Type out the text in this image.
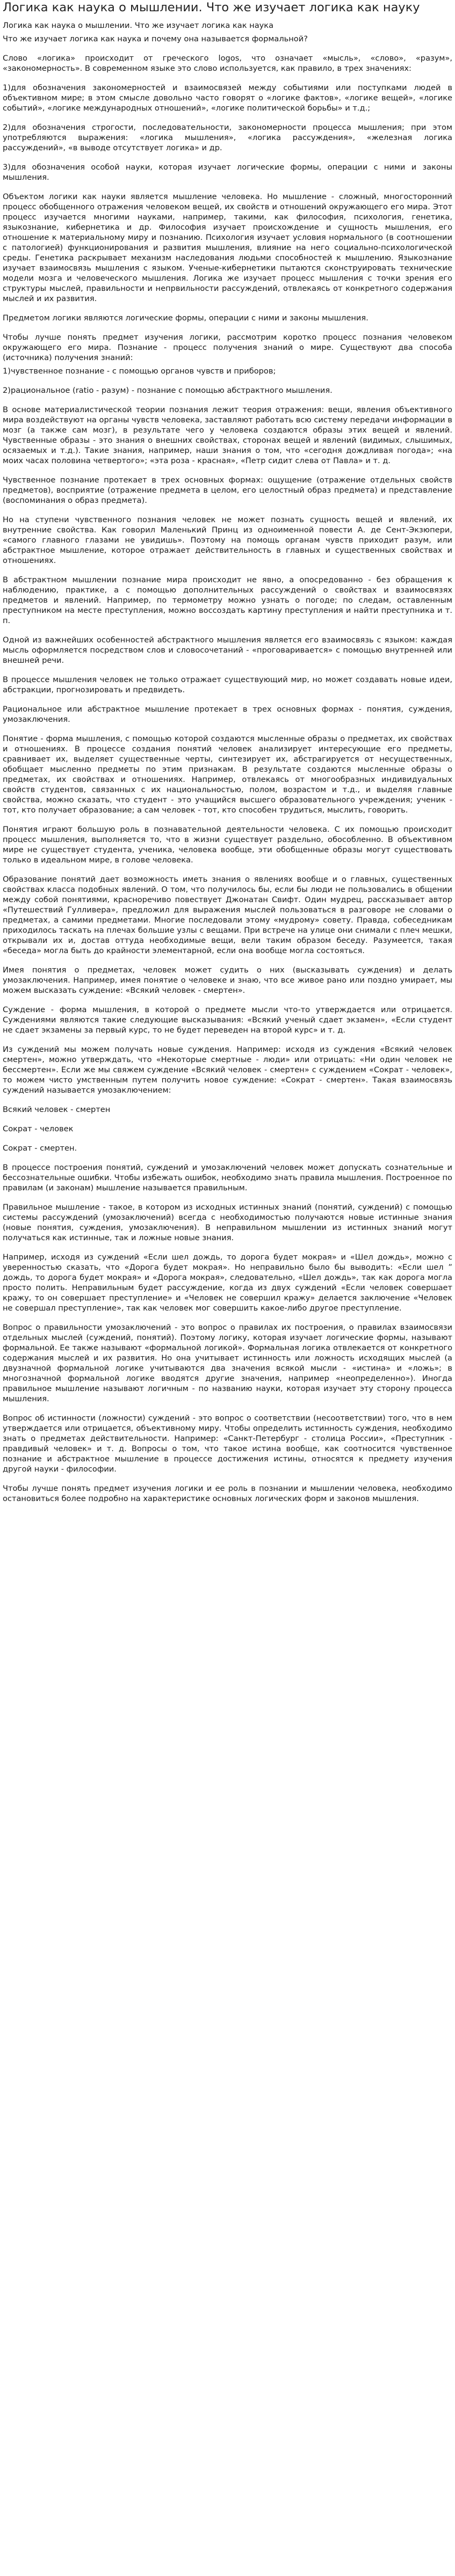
Логика как наука о мышлении. Что же изучает логика как науку

Логика как наука о мышлении. Что же изучает логика как наука

Что же изучает логика как наука и почему она называется формальной?

Слово «логика» происходит от греческого logos, что означает «мысль», «слово», «разум», «закономерность». В современном языке это слово используется, как правило, в трех значениях:

1)для обозначения закономерностей и взаимосвязей между событиями или поступками людей в объективном мире; в этом смысле довольно часто говорят о «логике фактов», «логике вещей», «логике событий», «логике международных отношений», «логике политической борьбы» и т.д.;

2)для обозначения строгости, последовательности, закономерности процесса мышления; при этом употребляются выражения: «логика мышления», «логика рассуждения», «железная логика рассуждений», «в выводе отсутствует логика» и др.

3)для обозначения особой науки, которая изучает логические формы, операции с ними и законы мышления.

Объектом логики как науки является мышление человека. Но мышление - сложный, многосторонний процесс обобщенного отражения человеком вещей, их свойств и отношений окружающего его мира. Этот процесс изучается многими науками, например, такими, как философия, психология, генетика, языкознание, кибернетика и др. Философия изучает происхождение и сущность мышления, его отношение к материальному миру и познанию. Психология изучает условия нормального (в соотношении с патологией) функционирования и развития мышления, влияние на него социально-психологической среды. Генетика раскрывает механизм наследования людьми способностей к мышлению. Языкознание изучает взаимосвязь мышления с языком. Ученые-кибернетики пытаются сконструировать технические модели мозга и человеческого мышления. Логика же изучает процесс мышления с точки зрения его структуры мыслей, правильности и непрвильности рассуждений, отвлекаясь от конкретного содержания мыслей и их развития.

Предметом логики являются логические формы, операции с ними и законы мышления.

Чтобы лучше понять предмет изучения логики, рассмотрим коротко процесс познания человеком окружающего его мира. Познание - процесс получения знаний о мире. Существуют два способа (источника) получения знаний:

1)чувственное познание - с помощью органов чувств и приборов;

2)рациональное (ratio - разум) - познание с помощью абстрактного мышления.

В основе материалистической теории познания лежит теория отражения: вещи, явления объективного мира воздействуют на органы чувств человека, заставляют работать всю систему передачи информации в мозг (а также сам мозг), в результате чего у человека создаются образы этих вещей и явлений. Чувственные образы - это знания о внешних свойствах, сторонах вещей и явлений (видимых, слышимых, осязаемых и т.д.). Такие знания, например, наши знания о том, что «сегодня дождливая погода»; «на моих часах половина четвертого»; «эта роза - красная», «Петр сидит слева от Павла» и т. д.

Чувственное познание протекает в трех основных формах: ощущение (отражение отдельных свойств предметов), восприятие (отражение предмета в целом, его целостный образ предмета) и представление (воспоминания о образ предмета).

Но на ступени чувственного познания человек не может познать сущность вещей и явлений, их внутренние свойства. Как говорил Маленький Принц из одноименной повести А. де Сент-Экзюпери, «самого главного глазами не увидишь». Поэтому на помощь органам чувств приходит разум, или абстрактное мышление, которое отражает действительность в главных и существенных свойствах и отношениях.

В абстрактном мышлении познание мира происходит не явно, а опосредованно - без обращения к наблюдению, практике, а с помощью дополнительных рассуждений о свойствах и взаимосвязях предметов и явлений. Например, по термометру можно узнать о погоде; по следам, оставленным преступником на месте преступления, можно воссоздать картину преступления и найти преступника и т. п.

Одной из важнейших особенностей абстрактного мышления является его взаимосвязь с языком: каждая мысль оформляется посредством слов и словосочетаний - «проговаривается» с помощью внутренней или внешней речи.

В процессе мышления человек не только отражает существующий мир, но может создавать новые идеи, абстракции, прогнозировать и предвидеть.

Рациональное или абстрактное мышление протекает в трех основных формах - понятия, суждения, умозаключения.

Понятие - форма мышления, с помощью которой создаются мысленные образы о предметах, их свойствах и отношениях. В процессе создания понятий человек анализирует интересующие его предметы, сравнивает их, выделяет существенные черты, синтезирует их, абстрагируется от несущественных, обобщает мысленно предметы по этим признакам. В результате создаются мысленные образы о предметах, их свойствах и отношениях. Например, отвлекаясь от многообразных индивидуальных свойств студентов, связанных с их национальностью, полом, возрастом и т.д., и выделяя главные свойства, можно сказать, что студент - это учащийся высшего образовательного учреждения; ученик - тот, кто получает образование; а сам человек - тот, кто способен трудиться, мыслить, говорить.

Понятия играют большую роль в познавательной деятельности человека. С их помощью происходит процесс мышления, выполняется то, что в жизни существует раздельно, обособленно. В объективном мире не существует студента, ученика, человека вообще, эти обобщенные образы могут существовать только в идеальном мире, в голове человека.

Образование понятий дает возможность иметь знания о явлениях вообще и о главных, существенных свойствах класса подобных явлений. О том, что получилось бы, если бы люди не пользовались в общении между собой понятиями, красноречиво повествует Джонатан Свифт. Один мудрец, рассказывает автор «Путешествий Гулливера», предложил для выражения мыслей пользоваться в разговоре не словами о предметах, а самими предметами. Многие последовали этому «мудрому» совету. Правда, собеседникам приходилось таскать на плечах большие узлы с вещами. При встрече на улице они снимали с плеч мешки, открывали их и, достав оттуда необходимые вещи, вели таким образом беседу. Разумеется, такая «беседа» могла быть до крайности элементарной, если она вообще могла состояться.

Имея понятия о предметах, человек может судить о них (высказывать суждения) и делать умозаключения. Например, имея понятие о человеке и знаю, что все живое рано или поздно умирает, мы можем высказать суждение: «Всякий человек - смертен».

Суждение - форма мышления, в которой о предмете мысли что-то утверждается или отрицается. Суждениями являются такие следующие высказывания: «Всякий ученый сдает экзамен», «Если студент не сдает экзамены за первый курс, то не будет переведен на второй курс» и т. д.

Из суждений мы можем получать новые суждения. Например: исходя из суждения «Всякий человек смертен», можно утверждать, что «Некоторые смертные - люди» или отрицать: «Ни один человек не бессмертен». Если же мы свяжем суждение «Всякий человек - смертен» с суждением «Сократ - человек», то можем чисто умственным путем получить новое суждение: «Сократ - смертен». Такая взаимосвязь суждений называется умозаключением:

Всякий человек - смертен

Сократ - человек

Сократ - смертен.

В процессе построения понятий, суждений и умозаключений человек может допускать сознательные и бессознательные ошибки. Чтобы избежать ошибок, необходимо знать правила мышления. Построенное по правилам (и законам) мышление называется правильным.

Правильное мышление - такое, в котором из исходных истинных знаний (понятий, суждений) с помощью системы рассуждений (умозаключений) всегда с необходимостью получаются новые истинные знания (новые понятия, суждения, умозаключения). В неправильном мышлении из истинных знаний могут получаться как истинные, так и ложные новые знания.

Например, исходя из суждений «Если шел дождь, то дорога будет мокрая» и «Шел дождь», можно с уверенностью сказать, что «Дорога будет мокрая». Но неправильно было бы выводить: «Если шел ” дождь, то дорога будет мокрая» и «Дорога мокрая», следовательно, «Шел дождь», так как дорога могла просто полить. Неправильным будет рассуждение, когда из двух суждений «Если человек совершает кражу, то он совершает преступление» и «Человек не совершил кражу» делается заключение «Человек не совершал преступление», так как человек мог совершить какое-либо другое преступление.

Вопрос о правильности умозаключений - это вопрос о правилах их построения, о правилах взаимосвязи отдельных мыслей (суждений, понятий). Поэтому логику, которая изучает логические формы, называют формальной. Ее также называют «формальной логикой». Формальная логика отвлекается от конкретного содержания мыслей и их развития. Но она учитывает истинность или ложность исходящих мыслей (а двузначной формальной логике учитываются два значения всякой мысли - «истина» и «ложь»; в многозначной формальной логике вводятся другие значения, например «неопределенно»). Иногда правильное мышление называют логичным - по названию науки, которая изучает эту сторону процесса мышления.

Вопрос об истинности (ложности) суждений - это вопрос о соответствии (несоответствии) того, что в нем утверждается или отрицается, объективному миру. Чтобы определить истинность суждения, необходимо знать о предметах действительности. Например: «Санкт-Петербург - столица России», «Преступник - правдивый человек» и т. д. Вопросы о том, что такое истина вообще, как соотносится чувственное познание и абстрактное мышление в процессе достижения истины, относятся к предмету изучения другой науки - философии.

Чтобы лучше понять предмет изучения логики и ее роль в познании и мышлении человека, необходимо остановиться более подробно на характеристике основных логических форм и законов мышления.
